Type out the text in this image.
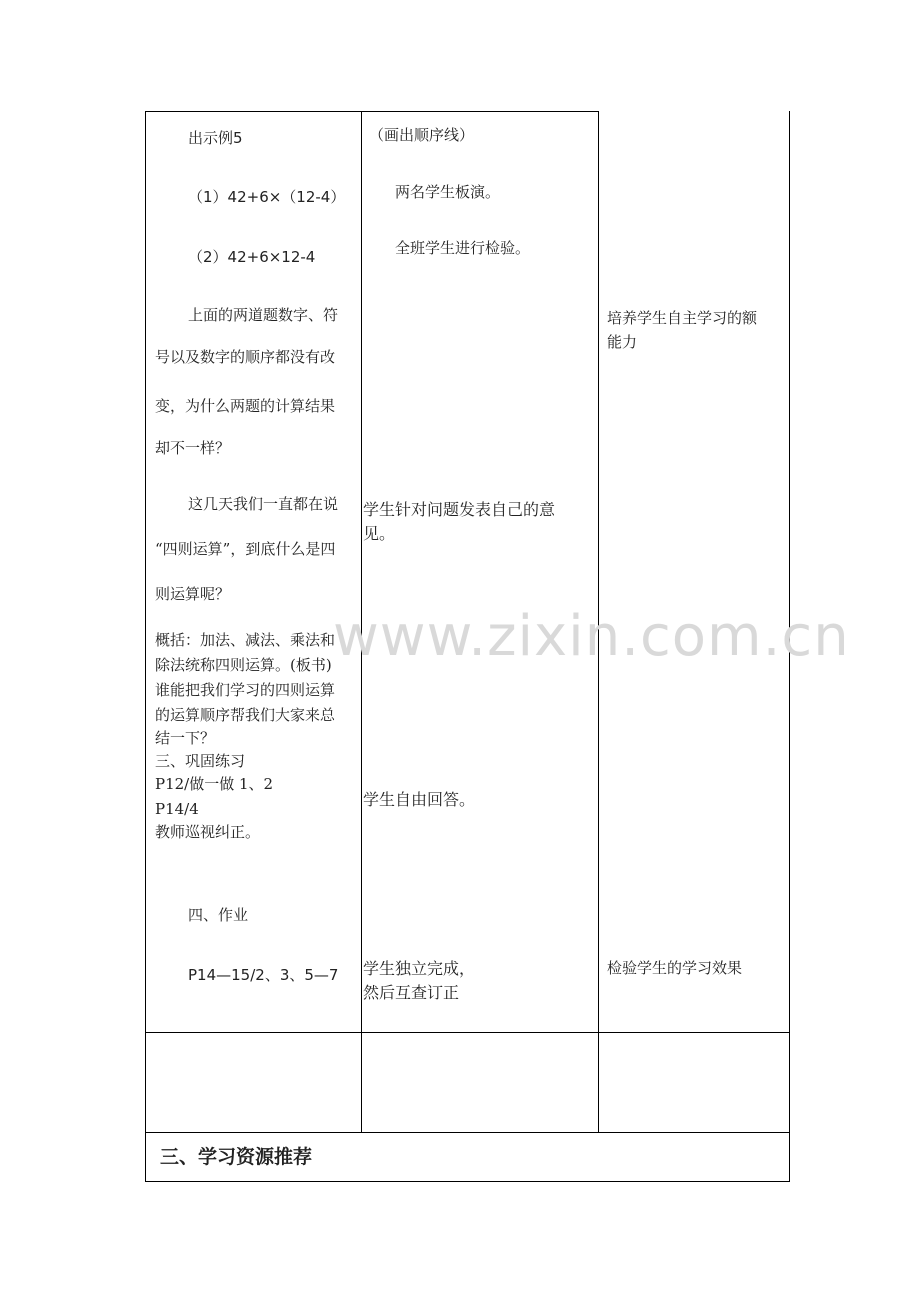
www.zixin.com.cn
出示例5
（1）42+6×（12-4）
（2）42+6×12-4
上面的两道题数字、符
号以及数字的顺序都没有改
变，为什么两题的计算结果
却不一样？
这几天我们一直都在说
“四则运算”，到底什么是四
则运算呢？
概括：加法、减法、乘法和
除法统称四则运算。(板书)
谁能把我们学习的四则运算
的运算顺序帮我们大家来总
结一下？
三、巩固练习
P12/做一做 1、2
P14/4
教师巡视纠正。
四、作业
P14—15/2、3、5—7
（画出顺序线）
两名学生板演。
全班学生进行检验。
学生针对问题发表自己的意
见。
学生自由回答。
学生独立完成，
然后互查订正
培养学生自主学习的额
能力
检验学生的学习效果
三、学习资源推荐
